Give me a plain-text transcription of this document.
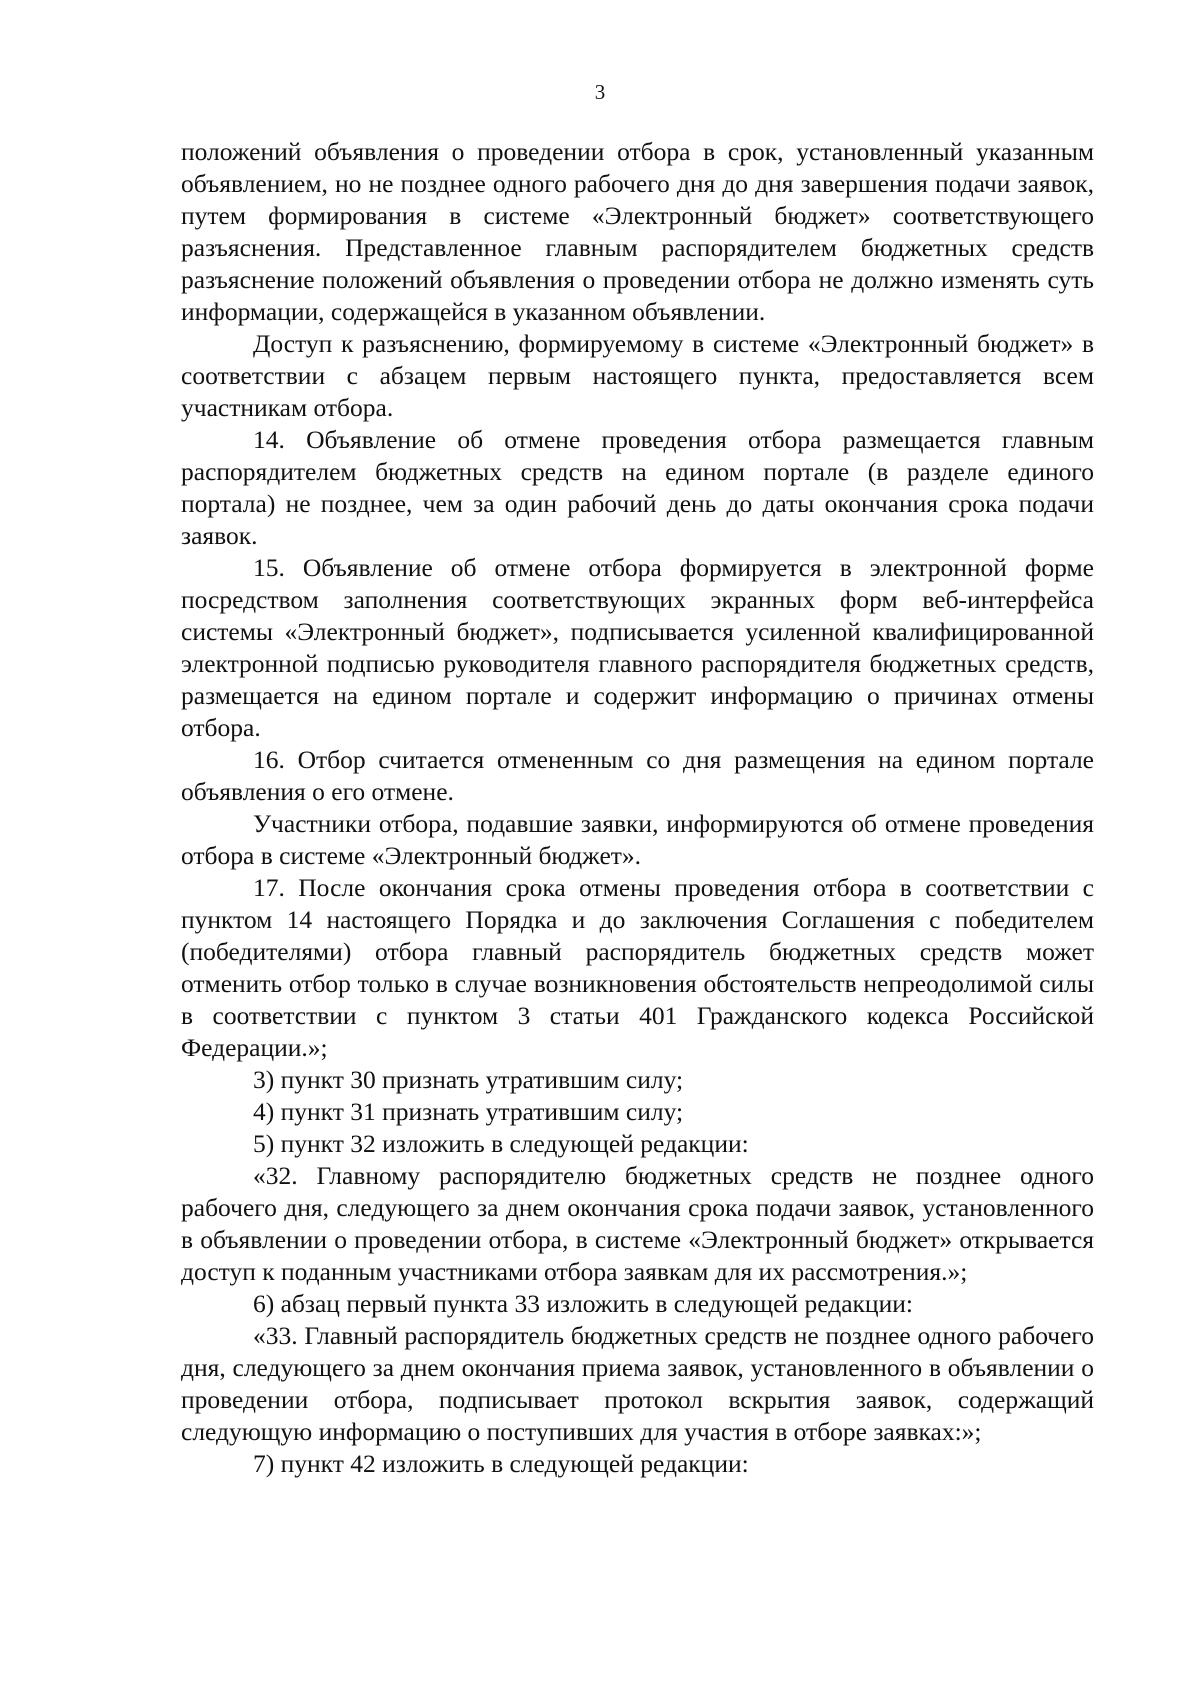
3

положений объявления о проведении отбора в срок, установленный указанным объявлением, но не позднее одного рабочего дня до дня завершения подачи заявок, путем формирования в системе «Электронный бюджет» соответствующего разъяснения. Представленное главным распорядителем бюджетных средств разъяснение положений объявления о проведении отбора не должно изменять суть информации, содержащейся в указанном объявлении.

Доступ к разъяснению, формируемому в системе «Электронный бюджет» в соответствии с абзацем первым настоящего пункта, предоставляется всем участникам отбора.

14. Объявление об отмене проведения отбора размещается главным распорядителем бюджетных средств на едином портале (в разделе единого портала) не позднее, чем за один рабочий день до даты окончания срока подачи заявок.

15. Объявление об отмене отбора формируется в электронной форме посредством заполнения соответствующих экранных форм веб-интерфейса системы «Электронный бюджет», подписывается усиленной квалифицированной электронной подписью руководителя главного распорядителя бюджетных средств, размещается на едином портале и содержит информацию о причинах отмены отбора.

16. Отбор считается отмененным со дня размещения на едином портале объявления о его отмене.

Участники отбора, подавшие заявки, информируются об отмене проведения отбора в системе «Электронный бюджет».

17. После окончания срока отмены проведения отбора в соответствии с пунктом 14 настоящего Порядка и до заключения Соглашения с победителем (победителями) отбора главный распорядитель бюджетных средств может отменить отбор только в случае возникновения обстоятельств непреодолимой силы в соответствии с пунктом 3 статьи 401 Гражданского кодекса Российской Федерации.»;

3) пункт 30 признать утратившим силу;

4) пункт 31 признать утратившим силу;

5) пункт 32 изложить в следующей редакции:

«32. Главному распорядителю бюджетных средств не позднее одного рабочего дня, следующего за днем окончания срока подачи заявок, установленного в объявлении о проведении отбора, в системе «Электронный бюджет» открывается доступ к поданным участниками отбора заявкам для их рассмотрения.»;

6) абзац первый пункта 33 изложить в следующей редакции:

«33. Главный распорядитель бюджетных средств не позднее одного рабочего дня, следующего за днем окончания приема заявок, установленного в объявлении о проведении отбора, подписывает протокол вскрытия заявок, содержащий следующую информацию о поступивших для участия в отборе заявках:»;

7) пункт 42 изложить в следующей редакции:
